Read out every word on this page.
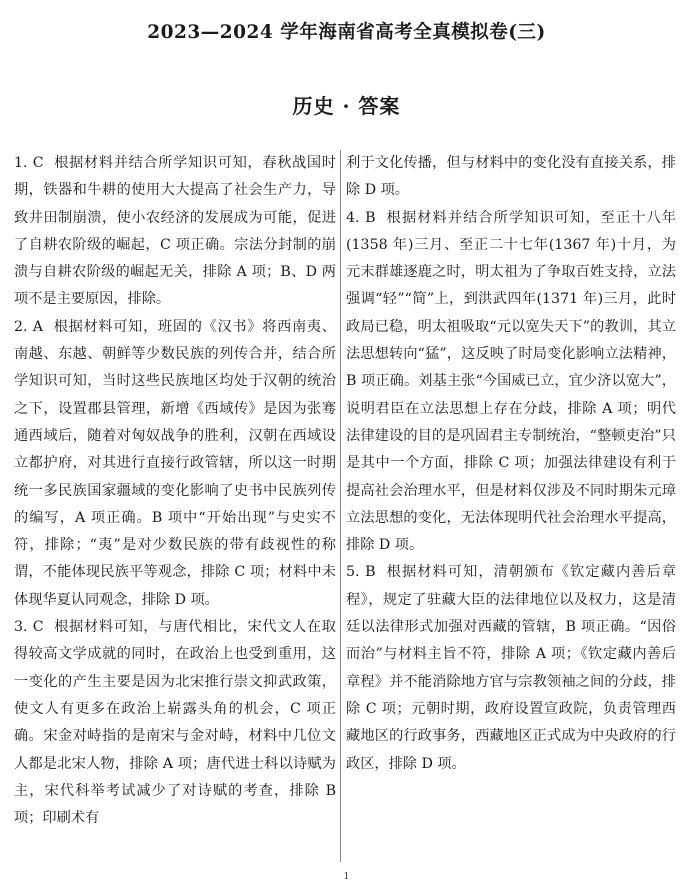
2023—2024 学年海南省高考全真模拟卷(三)
历史 · 答案

1. C 根据材料并结合所学知识可知，春秋战国时期，铁器和牛耕的使用大大提高了社会生产力，导致井田制崩溃，使小农经济的发展成为可能，促进了自耕农阶级的崛起，C 项正确。宗法分封制的崩溃与自耕农阶级的崛起无关，排除 A 项；B、D 两项不是主要原因，排除。

2. A 根据材料可知，班固的《汉书》将西南夷、南越、东越、朝鲜等少数民族的列传合并，结合所学知识可知，当时这些民族地区均处于汉朝的统治之下，设置郡县管理，新增《西域传》是因为张骞通西域后，随着对匈奴战争的胜利，汉朝在西域设立都护府，对其进行直接行政管辖，所以这一时期统一多民族国家疆域的变化影响了史书中民族列传的编写，A 项正确。B 项中“开始出现”与史实不符，排除；“夷”是对少数民族的带有歧视性的称谓，不能体现民族平等观念，排除 C 项；材料中未体现华夏认同观念，排除 D 项。

3. C 根据材料可知，与唐代相比，宋代文人在取得较高文学成就的同时，在政治上也受到重用，这一变化的产生主要是因为北宋推行崇文抑武政策，使文人有更多在政治上崭露头角的机会，C 项正确。宋金对峙指的是南宋与金对峙，材料中几位文人都是北宋人物，排除 A 项；唐代进士科以诗赋为主，宋代科举考试减少了对诗赋的考查，排除 B 项；印刷术有

利于文化传播，但与材料中的变化没有直接关系，排除 D 项。

4. B 根据材料并结合所学知识可知，至正十八年(1358 年)三月、至正二十七年(1367 年)十月，为元末群雄逐鹿之时，明太祖为了争取百姓支持，立法强调“轻”“简”上，到洪武四年(1371 年)三月，此时政局已稳，明太祖吸取“元以宽失天下”的教训，其立法思想转向“猛”，这反映了时局变化影响立法精神，B 项正确。刘基主张“今国威已立，宜少济以宽大”，说明君臣在立法思想上存在分歧，排除 A 项；明代法律建设的目的是巩固君主专制统治，“整顿吏治”只是其中一个方面，排除 C 项；加强法律建设有利于提高社会治理水平，但是材料仅涉及不同时期朱元璋立法思想的变化，无法体现明代社会治理水平提高，排除 D 项。

5. B 根据材料可知，清朝颁布《钦定藏内善后章程》，规定了驻藏大臣的法律地位以及权力，这是清廷以法律形式加强对西藏的管辖，B 项正确。“因俗而治”与材料主旨不符，排除 A 项；《钦定藏内善后章程》并不能消除地方官与宗教领袖之间的分歧，排除 C 项；元朝时期，政府设置宣政院，负责管理西藏地区的行政事务，西藏地区正式成为中央政府的行政区，排除 D 项。

1
